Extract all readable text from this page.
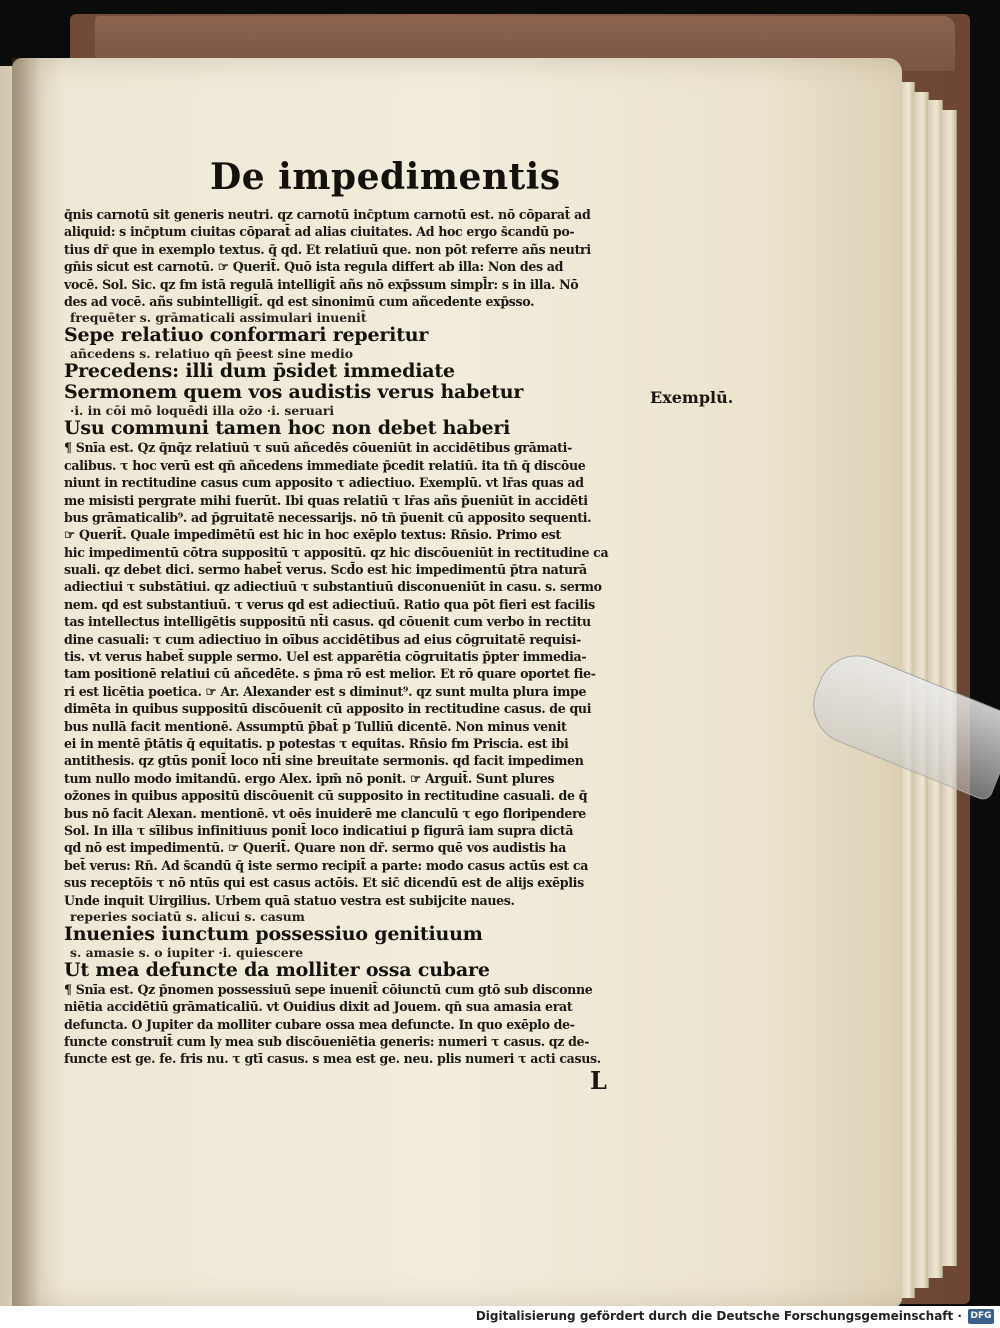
De impedimentis
q̄nis carnotū sit generis neutri. qz carnotū inc̄ptum carnotū est. nō cōparat̄ ad
aliquid: s inc̄ptum ciuitas cōparat̄ ad alias ciuitates. Ad hoc ergo s̄candū po-
tius dr̄ que in exemplo textus. q̄ qd. Et relatiuū que. non pōt referre añs neutri
gn̄is sicut est carnotū. ☞ Querit̄. Quō ista regula differt ab illa: Non des ad
vocē. Sol. Sic. qz fm istā regulā intelligit̄ añs nō exp̄ssum simpl̄r: s in illa. Nō
des ad vocē. añs subintelligit̄. qd est sinonimū cum añcedente exp̄sso.
frequēter s. grāmaticali assimulari inuenit̄
Sepe relatiuo conformari reperitur
añcedens s. relatiuo qn̄ p̄eest sine medio
Precedens: illi dum p̄sidet immediate
Sermonem quem vos audistis verus habetur
·i. in cōi mō loquēdi illa oz̄o ·i. seruari
Usu communi tamen hoc non debet haberi
¶ Snīa est. Qz q̄nq̄z relatiuū τ suū añcedēs cōueniūt in accidētibus grāmati-
calibus. τ hoc verū est qn̄ añcedens immediate p̄cedit relatiū. ita tn̄ q̄ discōue
niunt in rectitudine casus cum apposito τ adiectiuo. Exemplū. vt lr̄as quas ad
me misisti pergrate mihi fuerūt. Ibi quas relatiū τ lr̄as añs p̄ueniūt in accidēti
bus grāmaticalib⁹. ad p̄gruitatē necessarijs. nō tn̄ p̄uenit cū apposito sequenti.
☞ Querit̄. Quale impedimētū est hic in hoc exēplo textus: Rn̄sio. Primo est
hic impedimentū cōtra suppositū τ appositū. qz hic discōueniūt in rectitudine ca
suali. qz debet dici. sermo habet̄ verus. Scd̄o est hic impedimentū p̄tra naturā
adiectiui τ substātiui. qz adiectiuū τ substantiuū disconueniūt in casu. s. sermo
nem. qd est substantiuū. τ verus qd est adiectiuū. Ratio qua pōt fieri est facilis
tas intellectus intelligētis suppositū nt̄i casus. qd cōuenit cum verbo in rectitu
dine casuali: τ cum adiectiuo in oībus accidētibus ad eius cōgruitatē requisi-
tis. vt verus habet̄ supple sermo. Uel est apparētia cōgruitatis p̄pter immedia-
tam positionē relatiui cū añcedēte. s p̄ma rō est melior. Et rō quare oportet fie-
ri est licētia poetica. ☞ Ar. Alexander est s diminut⁹. qz sunt multa plura impe
dimēta in quibus suppositū discōuenit cū apposito in rectitudine casus. de qui
bus nullā facit mentionē. Assumptū p̄bat̄ p Tulliū dicentē. Non minus venit
ei in mentē p̄tātis q̄ equitatis. p potestas τ equitas. Rn̄sio fm Priscia. est ibi
antithesis. qz gtūs ponit̄ loco nt̄i sine breuitate sermonis. qd facit impedimen
tum nullo modo imitandū. ergo Alex. ipm̄ nō ponit. ☞ Arguit̄. Sunt plures
oz̄ones in quibus appositū discōuenit cū supposito in rectitudine casuali. de q̄
bus nō facit Alexan. mentionē. vt oēs inuiderē me clanculū τ ego floripendere
Sol. In illa τ sīlibus infinitiuus ponit̄ loco indicatiui p figurā iam supra dictā
qd nō est impedimentū. ☞ Querit̄. Quare non dr̄. sermo quē vos audistis ha
bet̄ verus: Rn̄. Ad s̄candū q̄ iste sermo recipit̄ a parte: modo casus actūs est ca
sus receptōis τ nō ntūs qui est casus actōis. Et sic̄ dicendū est de alijs exēplis
Unde inquit Uirgilius. Urbem quā statuo vestra est subijcite naues.
reperies sociatū s. alicui s. casum
Inuenies iunctum possessiuo genitiuum
s. amasie s. o iupiter ·i. quiescere
Ut mea defuncte da molliter ossa cubare
¶ Snīa est. Qz p̄nomen possessiuū sepe inuenit̄ cōiunctū cum gtō sub disconne
niētia accidētiū grāmaticaliū. vt Ouidius dixit ad Jouem. qn̄ sua amasia erat
defuncta. O Jupiter da molliter cubare ossa mea defuncte. In quo exēplo de-
functe construit̄ cum ly mea sub discōueniētia generis: numeri τ casus. qz de-
functe est ge. fe. fris nu. τ gtī casus. s mea est ge. neu. plis numeri τ acti casus.
Exemplū.
L
Digitalisierung gefördert durch die Deutsche Forschungsgemeinschaft · DFG
